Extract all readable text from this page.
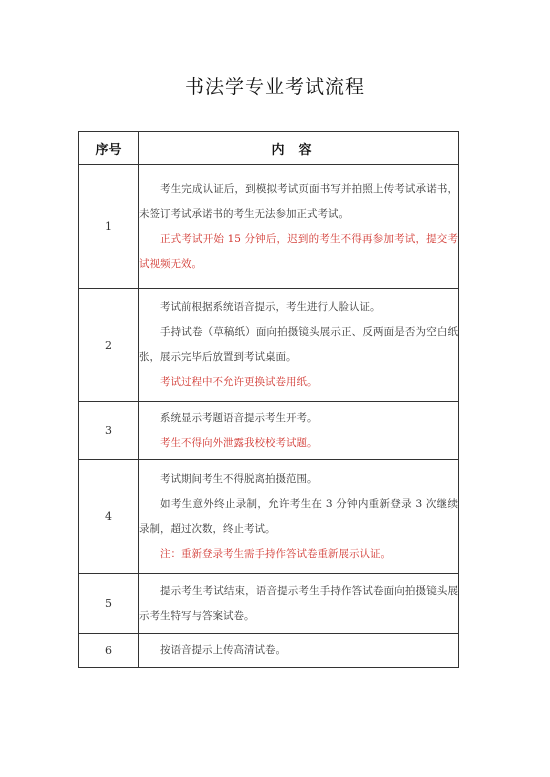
书法学专业考试流程
序号	内容
1	考生完成认证后，到模拟考试页面书写并拍照上传考试承诺书，未签订考试承诺书的考生无法参加正式考试。

正式考试开始 15 分钟后，迟到的考生不得再参加考试，提交考试视频无效。

2	考试前根据系统语音提示，考生进行人脸认证。

手持试卷（草稿纸）面向拍摄镜头展示正、反两面是否为空白纸张，展示完毕后放置到考试桌面。

考试过程中不允许更换试卷用纸。

3	系统显示考题语音提示考生开考。

考生不得向外泄露我校校考试题。

4	考试期间考生不得脱离拍摄范围。

如考生意外终止录制，允许考生在 3 分钟内重新登录 3 次继续录制，超过次数，终止考试。

注：重新登录考生需手持作答试卷重新展示认证。

5	提示考生考试结束，语音提示考生手持作答试卷面向拍摄镜头展示考生特写与答案试卷。

6	按语音提示上传高清试卷。
